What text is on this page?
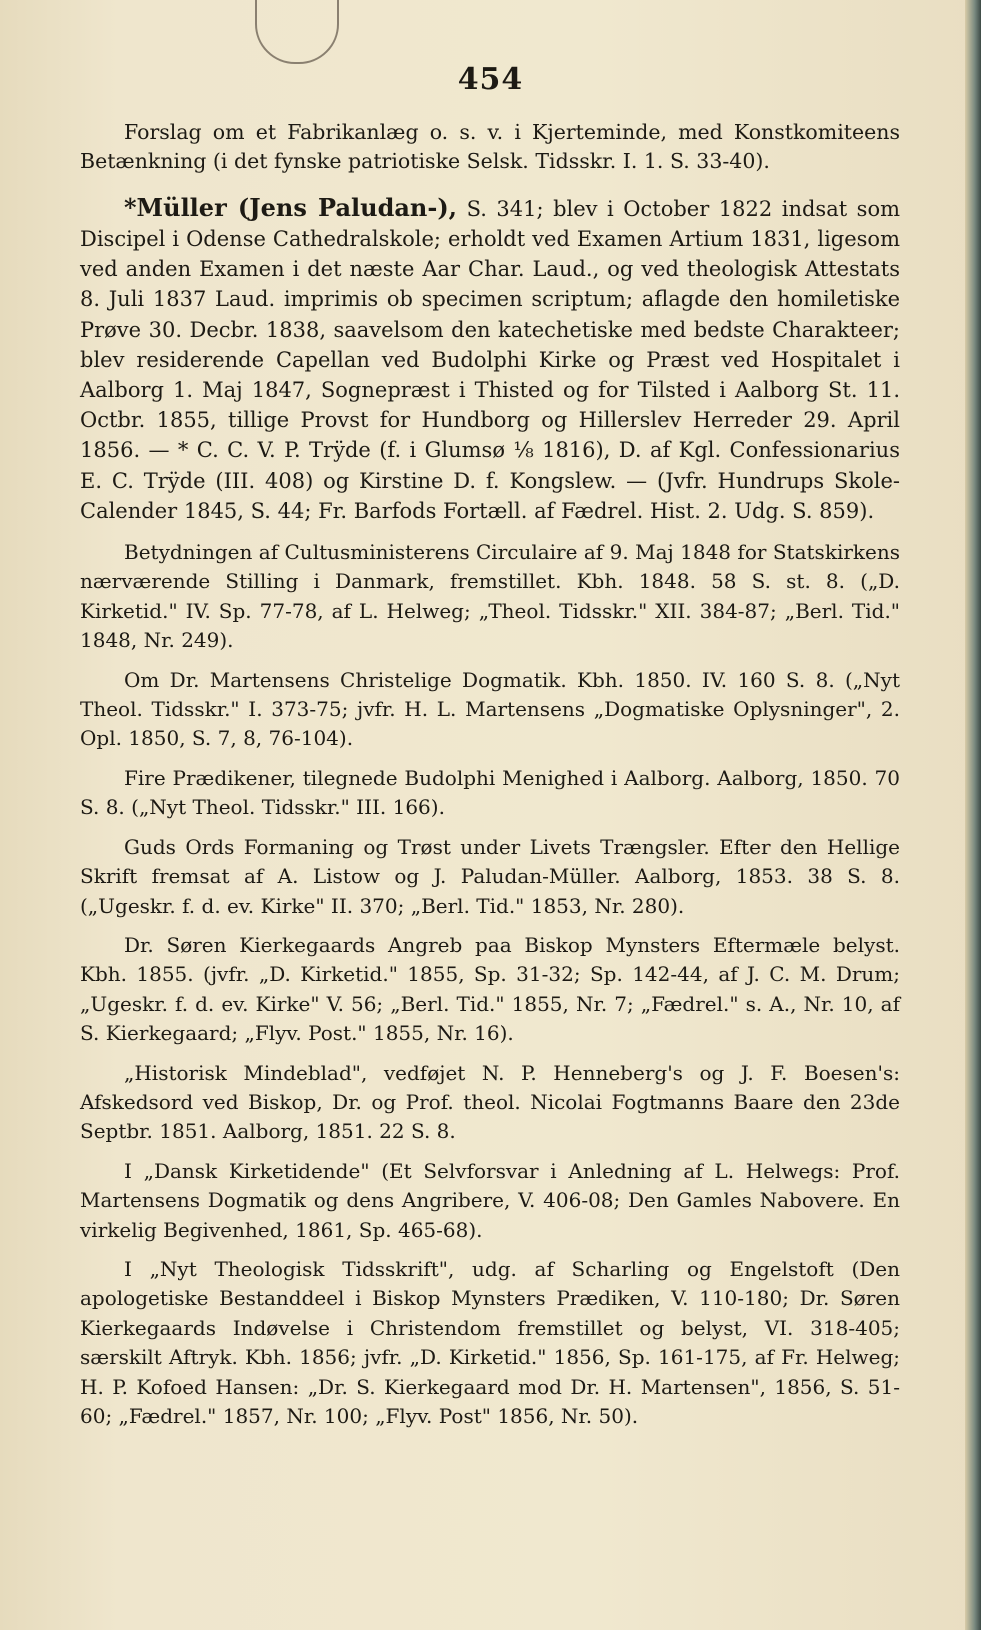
454

Forslag om et Fabrikanlæg o. s. v. i Kjerteminde, med Konstkomiteens Betænkning (i det fynske patriotiske Selsk. Tidsskr. I. 1. S. 33-40).

*Müller (Jens Paludan-), S. 341; blev i October 1822 indsat som Discipel i Odense Cathedralskole; erholdt ved Examen Artium 1831, ligesom ved anden Examen i det næste Aar Char. Laud., og ved theologisk Attestats 8. Juli 1837 Laud. imprimis ob specimen scriptum; aflagde den homiletiske Prøve 30. Decbr. 1838, saavelsom den katechetiske med bedste Charakteer; blev residerende Capellan ved Budolphi Kirke og Præst ved Hospitalet i Aalborg 1. Maj 1847, Sognepræst i Thisted og for Tilsted i Aalborg St. 11. Octbr. 1855, tillige Provst for Hundborg og Hillerslev Herreder 29. April 1856. — * C. C. V. P. Trÿde (f. i Glumsø ⅛ 1816), D. af Kgl. Confessionarius E. C. Trÿde (III. 408) og Kirstine D. f. Kongslew. — (Jvfr. Hundrups Skole-Calender 1845, S. 44; Fr. Barfods Fortæll. af Fædrel. Hist. 2. Udg. S. 859).

Betydningen af Cultusministerens Circulaire af 9. Maj 1848 for Statskirkens nærværende Stilling i Danmark, fremstillet. Kbh. 1848. 58 S. st. 8. („D. Kirketid." IV. Sp. 77-78, af L. Helweg; „Theol. Tidsskr." XII. 384-87; „Berl. Tid." 1848, Nr. 249).

Om Dr. Martensens Christelige Dogmatik. Kbh. 1850. IV. 160 S. 8. („Nyt Theol. Tidsskr." I. 373-75; jvfr. H. L. Martensens „Dogmatiske Oplysninger", 2. Opl. 1850, S. 7, 8, 76-104).

Fire Prædikener, tilegnede Budolphi Menighed i Aalborg. Aalborg, 1850. 70 S. 8. („Nyt Theol. Tidsskr." III. 166).

Guds Ords Formaning og Trøst under Livets Trængsler. Efter den Hellige Skrift fremsat af A. Listow og J. Paludan-Müller. Aalborg, 1853. 38 S. 8. („Ugeskr. f. d. ev. Kirke" II. 370; „Berl. Tid." 1853, Nr. 280).

Dr. Søren Kierkegaards Angreb paa Biskop Mynsters Eftermæle belyst. Kbh. 1855. (jvfr. „D. Kirketid." 1855, Sp. 31-32; Sp. 142-44, af J. C. M. Drum; „Ugeskr. f. d. ev. Kirke" V. 56; „Berl. Tid." 1855, Nr. 7; „Fædrel." s. A., Nr. 10, af S. Kierkegaard; „Flyv. Post." 1855, Nr. 16).

„Historisk Mindeblad", vedføjet N. P. Henneberg's og J. F. Boesen's: Afskedsord ved Biskop, Dr. og Prof. theol. Nicolai Fogtmanns Baare den 23de Septbr. 1851. Aalborg, 1851. 22 S. 8.

I „Dansk Kirketidende" (Et Selvforsvar i Anledning af L. Helwegs: Prof. Martensens Dogmatik og dens Angribere, V. 406-08; Den Gamles Nabovere. En virkelig Begivenhed, 1861, Sp. 465-68).

I „Nyt Theologisk Tidsskrift", udg. af Scharling og Engelstoft (Den apologetiske Bestanddeel i Biskop Mynsters Prædiken, V. 110-180; Dr. Søren Kierkegaards Indøvelse i Christendom fremstillet og belyst, VI. 318-405; særskilt Aftryk. Kbh. 1856; jvfr. „D. Kirketid." 1856, Sp. 161-175, af Fr. Helweg; H. P. Kofoed Hansen: „Dr. S. Kierkegaard mod Dr. H. Martensen", 1856, S. 51-60; „Fædrel." 1857, Nr. 100; „Flyv. Post" 1856, Nr. 50).
